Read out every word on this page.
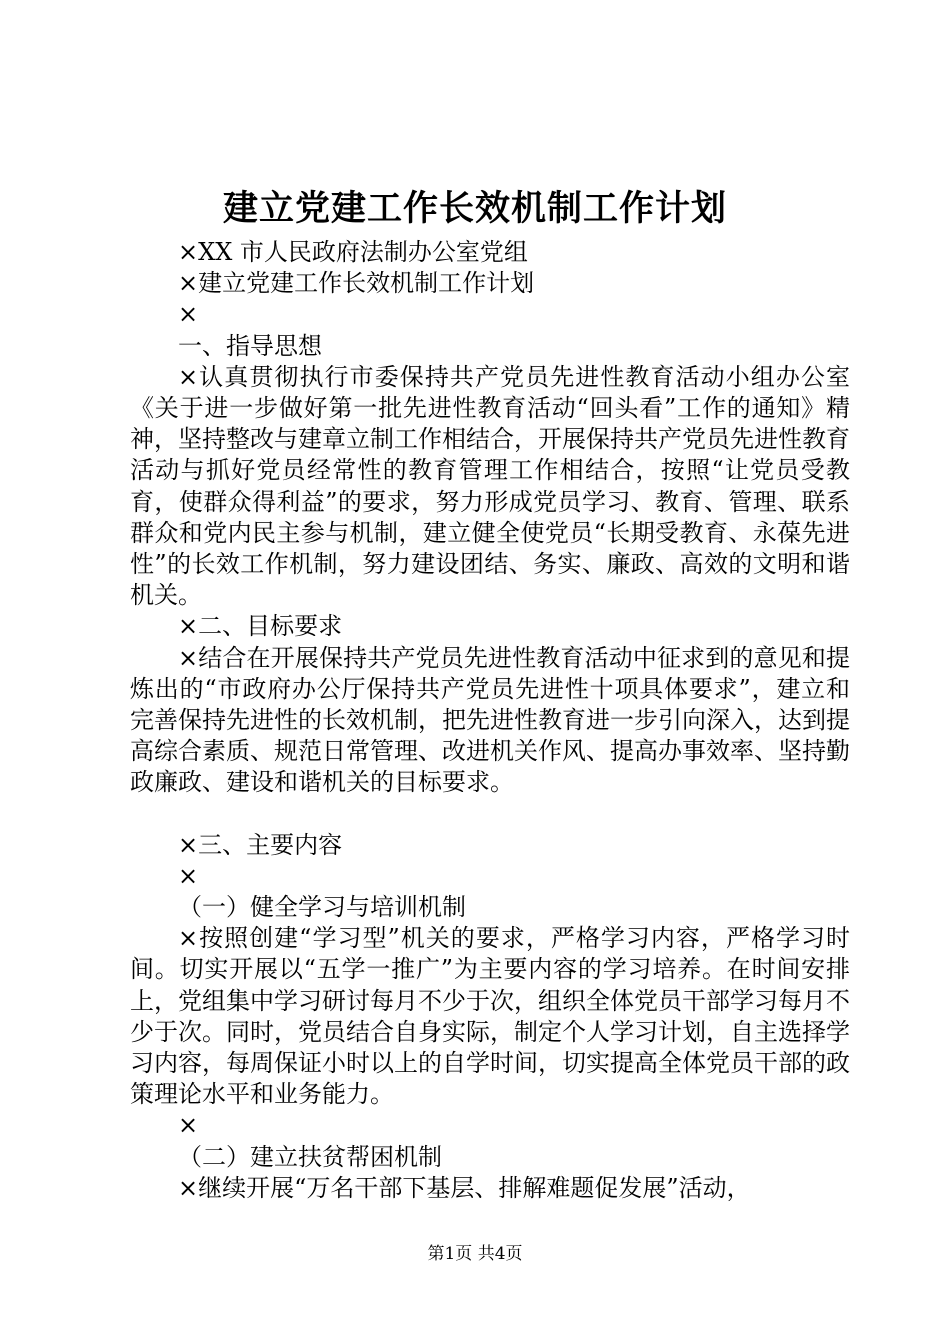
建立党建工作长效机制工作计划

×XX 市人民政府法制办公室党组

×建立党建工作长效机制工作计划

×

一、指导思想

×认真贯彻执行市委保持共产党员先进性教育活动小组办公室《关于进一步做好第一批先进性教育活动“回头看”工作的通知》精神，坚持整改与建章立制工作相结合，开展保持共产党员先进性教育活动与抓好党员经常性的教育管理工作相结合，按照“让党员受教育，使群众得利益”的要求，努力形成党员学习、教育、管理、联系群众和党内民主参与机制，建立健全使党员“长期受教育、永葆先进性”的长效工作机制，努力建设团结、务实、廉政、高效的文明和谐机关。

×二、目标要求

×结合在开展保持共产党员先进性教育活动中征求到的意见和提炼出的“市政府办公厅保持共产党员先进性十项具体要求”，建立和完善保持先进性的长效机制，把先进性教育进一步引向深入，达到提高综合素质、规范日常管理、改进机关作风、提高办事效率、坚持勤政廉政、建设和谐机关的目标要求。

×三、主要内容

×

（一）健全学习与培训机制

×按照创建“学习型”机关的要求，严格学习内容，严格学习时间。切实开展以“五学一推广”为主要内容的学习培养。在时间安排上，党组集中学习研讨每月不少于次，组织全体党员干部学习每月不少于次。同时，党员结合自身实际，制定个人学习计划，自主选择学习内容，每周保证小时以上的自学时间，切实提高全体党员干部的政策理论水平和业务能力。

×

（二）建立扶贫帮困机制

×继续开展“万名干部下基层、排解难题促发展”活动，

第1页 共4页
